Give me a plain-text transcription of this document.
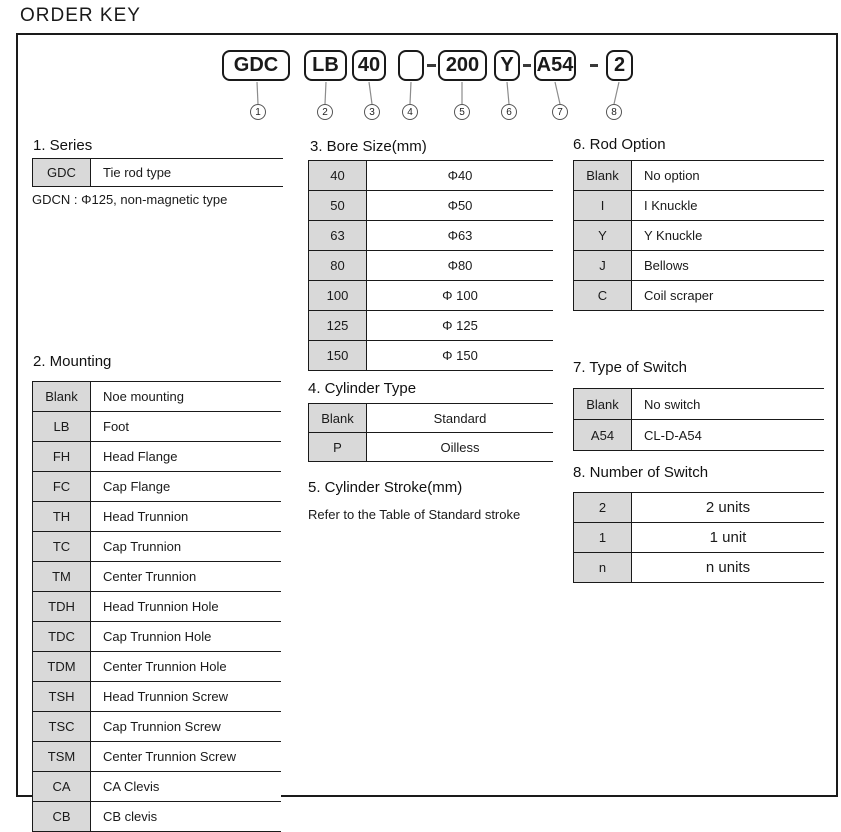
ORDER KEY
GDC	LB 40	200	Y	A54	2
1	2	3	4	5	6	7	8
1. Series
GDC	Tie rod type
GDCN : Φ125, non-magnetic type
2. Mounting
Blank	Noe mounting
LB	Foot
FH	Head Flange
FC	Cap Flange
TH	Head Trunnion
TC	Cap Trunnion
TM	Center Trunnion
TDH	Head Trunnion Hole
TDC	Cap Trunnion Hole
TDM	Center Trunnion Hole
TSH	Head Trunnion Screw
TSC	Cap Trunnion Screw
TSM	Center Trunnion Screw
CA	CA Clevis
CB	CB clevis
3. Bore Size(mm)
40	Φ40
50	Φ50
63	Φ63
80	Φ80
100	Φ 100
125	Φ 125
150	Φ 150
4. Cylinder Type
Blank	Standard
P	Oilless
5. Cylinder Stroke(mm)
Refer to the Table of Standard stroke
6. Rod Option
Blank	No option
I	I Knuckle
Y	Y Knuckle
J	Bellows
C	Coil scraper
7. Type of Switch
Blank	No switch
A54	CL-D-A54
8. Number of Switch
2	2 units
1	1 unit
n	n units
